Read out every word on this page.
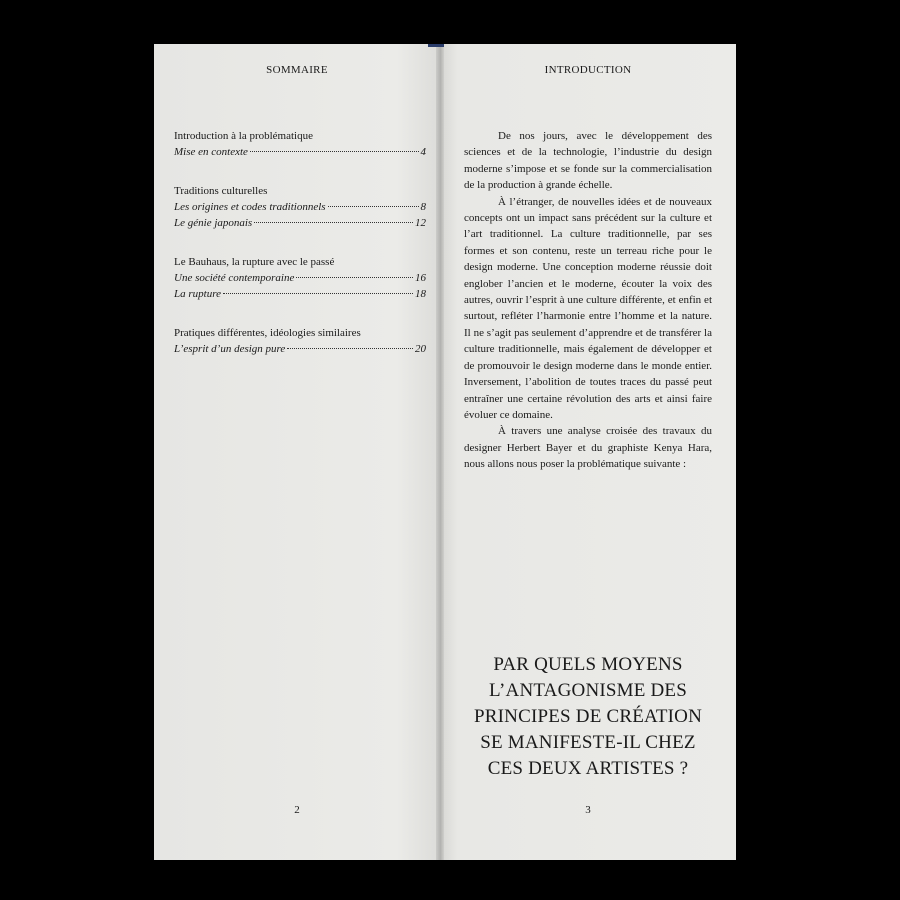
SOMMAIRE
Introduction à la problématique
Mise en contexte	4
Traditions culturelles
Les origines et codes traditionnels	8
Le génie japonais	12
Le Bauhaus, la rupture avec le passé
Une société contemporaine	16
La rupture	18
Pratiques différentes, idéologies similaires
L’esprit d’un design pure	20
2
INTRODUCTION

De nos jours, avec le développement des sciences et de la technologie, l’industrie du design moderne s’impose et se fonde sur la commercialisation de la production à grande échelle.

À l’étranger, de nouvelles idées et de nouveaux concepts ont un impact sans précédent sur la culture et l’art traditionnel. La culture traditionnelle, par ses formes et son contenu, reste un terreau riche pour le design moderne. Une conception moderne réussie doit englober l’ancien et le moderne, écouter la voix des autres, ouvrir l’esprit à une culture différente, et enfin et surtout, refléter l’harmonie entre l’homme et la nature. Il ne s’agit pas seulement d’apprendre et de transférer la culture traditionnelle, mais également de développer et de promouvoir le design moderne dans le monde entier. Inversement, l’abolition de toutes traces du passé peut entraîner une certaine révolution des arts et ainsi faire évoluer ce domaine.

À travers une analyse croisée des travaux du designer Herbert Bayer et du graphiste Kenya Hara, nous allons nous poser la problématique suivante :

PAR QUELS MOYENS
L’ANTAGONISME DES
PRINCIPES DE CRÉATION
SE MANIFESTE-IL CHEZ
CES DEUX ARTISTES ?
3
